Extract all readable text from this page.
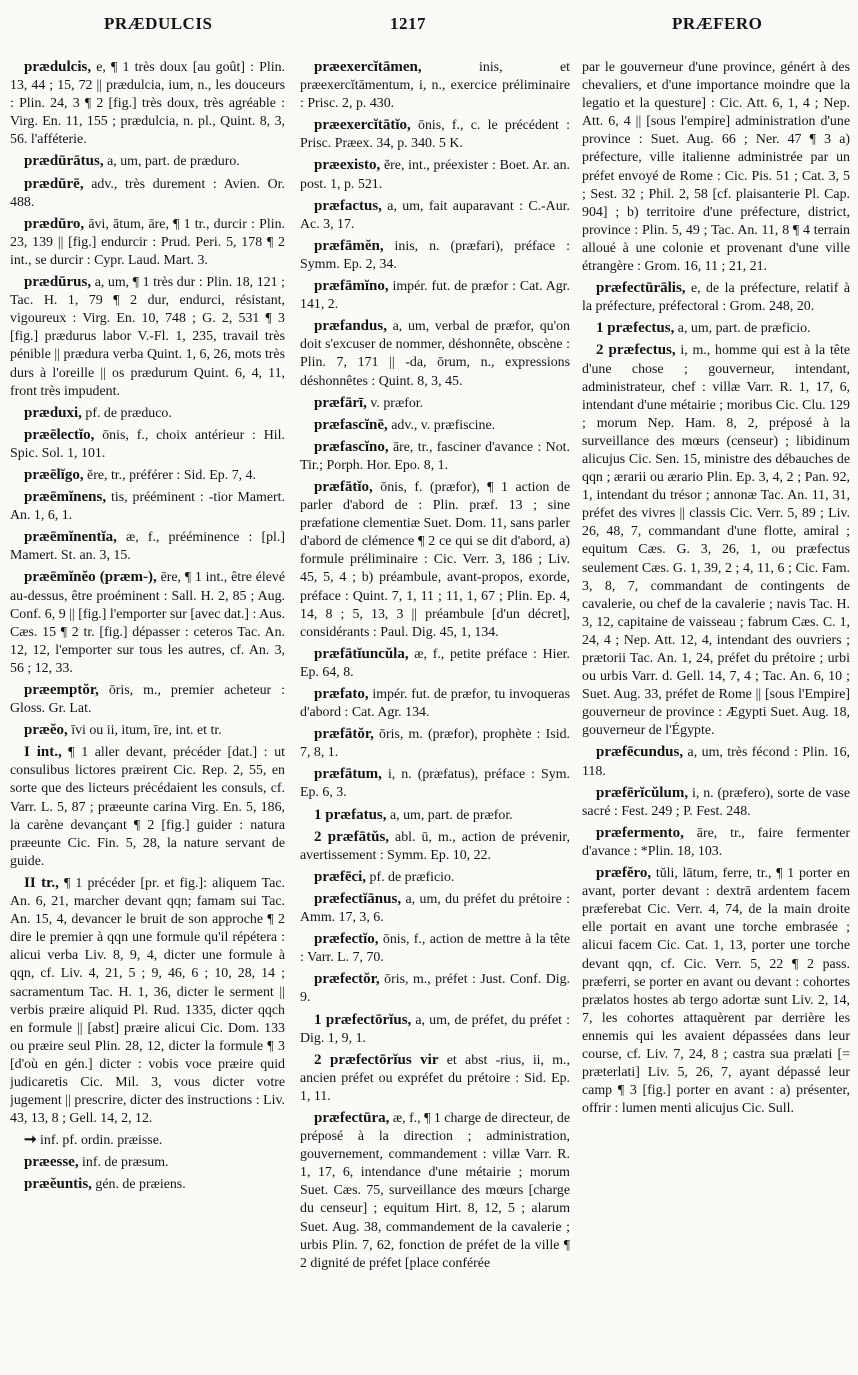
PRÆDULCIS	1217	PRÆFERO

prædulcis, e, ¶ 1 très doux [au goût] : Plin. 13, 44 ; 15, 72 || prædulcia, ium, n., les douceurs : Plin. 24, 3 ¶ 2 [fig.] très doux, très agréable : Virg. En. 11, 155 ; prædulcia, n. pl., Quint. 8, 3, 56. l'afféterie.

prædūrātus, a, um, part. de præduro.

prædūrē, adv., très durement : Avien. Or. 488.

prædūro, āvi, ātum, āre, ¶ 1 tr., durcir : Plin. 23, 139 || [fig.] endurcir : Prud. Peri. 5, 178 ¶ 2 int., se durcir : Cypr. Laud. Mart. 3.

prædūrus, a, um, ¶ 1 très dur : Plin. 18, 121 ; Tac. H. 1, 79 ¶ 2 dur, endurci, résistant, vigoureux : Virg. En. 10, 748 ; G. 2, 531 ¶ 3 [fig.] prædurus labor V.-Fl. 1, 235, travail très pénible || prædura verba Quint. 1, 6, 26, mots très durs à l'oreille || os prædurum Quint. 6, 4, 11, front très impudent.

præduxi, pf. de præduco.

præēlectĭo, ōnis, f., choix antérieur : Hil. Spic. Sol. 1, 101.

præēlĭgo, ĕre, tr., préférer : Sid. Ep. 7, 4.

præēmĭnens, tis, prééminent : -tior Mamert. An. 1, 6, 1.

præēmĭnentĭa, æ, f., prééminence : [pl.] Mamert. St. an. 3, 15.

præēmĭnĕo (præm-), ēre, ¶ 1 int., être élevé au-dessus, être proéminent : Sall. H. 2, 85 ; Aug. Conf. 6, 9 || [fig.] l'emporter sur [avec dat.] : Aus. Cæs. 15 ¶ 2 tr. [fig.] dépasser : ceteros Tac. An. 12, 12, l'emporter sur tous les autres, cf. An. 3, 56 ; 12, 33.

præemptŏr, ōris, m., premier acheteur : Gloss. Gr. Lat.

præĕo, īvi ou ii, itum, īre, int. et tr.

I int., ¶ 1 aller devant, précéder [dat.] : ut consulibus lictores præirent Cic. Rep. 2, 55, en sorte que des licteurs précédaient les consuls, cf. Varr. L. 5, 87 ; præeunte carina Virg. En. 5, 186, la carène devançant ¶ 2 [fig.] guider : natura præeunte Cic. Fin. 5, 28, la nature servant de guide.

II tr., ¶ 1 précéder [pr. et fig.]: aliquem Tac. An. 6, 21, marcher devant qqn; famam sui Tac. An. 15, 4, devancer le bruit de son approche ¶ 2 dire le premier à qqn une formule qu'il répétera : alicui verba Liv. 8, 9, 4, dicter une formule à qqn, cf. Liv. 4, 21, 5 ; 9, 46, 6 ; 10, 28, 14 ; sacramentum Tac. H. 1, 36, dicter le serment || verbis præire aliquid Pl. Rud. 1335, dicter qqch en formule || [abst] præire alicui Cic. Dom. 133 ou præire seul Plin. 28, 12, dicter la formule ¶ 3 [d'où en gén.] dicter : vobis voce præire quid judicaretis Cic. Mil. 3, vous dicter votre jugement || prescrire, dicter des instructions : Liv. 43, 13, 8 ; Gell. 14, 2, 12.

➞ inf. pf. ordin. præisse.

præesse, inf. de præsum.

præĕuntis, gén. de præiens.

præexercĭtāmen, inis, et præexercĭtāmentum, i, n., exercice préliminaire : Prisc. 2, p. 430.

præexercĭtātĭo, ōnis, f., c. le précédent : Prisc. Præex. 34, p. 340. 5 K.

præexisto, ĕre, int., préexister : Boet. Ar. an. post. 1, p. 521.

præfactus, a, um, fait auparavant : C.-Aur. Ac. 3, 17.

præfāmĕn, inis, n. (præfari), préface : Symm. Ep. 2, 34.

præfāmĭno, impér. fut. de præfor : Cat. Agr. 141, 2.

præfandus, a, um, verbal de præfor, qu'on doit s'excuser de nommer, déshonnête, obscène : Plin. 7, 171 || -da, ōrum, n., expressions déshonnêtes : Quint. 8, 3, 45.

præfārī, v. præfor.

præfascĭnē, adv., v. præfiscine.

præfascĭno, āre, tr., fasciner d'avance : Not. Tir.; Porph. Hor. Epo. 8, 1.

præfātĭo, ōnis, f. (præfor), ¶ 1 action de parler d'abord de : Plin. præf. 13 ; sine præfatione clementiæ Suet. Dom. 11, sans parler d'abord de clémence ¶ 2 ce qui se dit d'abord, a) formule préliminaire : Cic. Verr. 3, 186 ; Liv. 45, 5, 4 ; b) préambule, avant-propos, exorde, préface : Quint. 7, 1, 11 ; 11, 1, 67 ; Plin. Ep. 4, 14, 8 ; 5, 13, 3 || préambule [d'un décret], considérants : Paul. Dig. 45, 1, 134.

præfātĭuncŭla, æ, f., petite préface : Hier. Ep. 64, 8.

præfato, impér. fut. de præfor, tu invoqueras d'abord : Cat. Agr. 134.

præfātŏr, ōris, m. (præfor), prophète : Isid. 7, 8, 1.

præfātum, i, n. (præfatus), préface : Sym. Ep. 6, 3.

1 præfatus, a, um, part. de præfor.

2 præfātŭs, abl. ū, m., action de prévenir, avertissement : Symm. Ep. 10, 22.

præfēci, pf. de præficio.

præfectĭānus, a, um, du préfet du prétoire : Amm. 17, 3, 6.

præfectĭo, ōnis, f., action de mettre à la tête : Varr. L. 7, 70.

præfectŏr, ōris, m., préfet : Just. Conf. Dig. 9.

1 præfectōrĭus, a, um, de préfet, du préfet : Dig. 1, 9, 1.

2 præfectōrĭus vir et abst -rius, ii, m., ancien préfet ou expréfet du prétoire : Sid. Ep. 1, 11.

præfectūra, æ, f., ¶ 1 charge de directeur, de préposé à la direction ; administration, gouvernement, commandement : villæ Varr. R. 1, 17, 6, intendance d'une métairie ; morum Suet. Cæs. 75, surveillance des mœurs [charge du censeur] ; equitum Hirt. 8, 12, 5 ; alarum Suet. Aug. 38, commandement de la cavalerie ; urbis Plin. 7, 62, fonction de préfet de la ville ¶ 2 dignité de préfet [place conférée

par le gouverneur d'une province, génért à des chevaliers, et d'une importance moindre que la legatio et la questure] : Cic. Att. 6, 1, 4 ; Nep. Att. 6, 4 || [sous l'empire] administration d'une province : Suet. Aug. 66 ; Ner. 47 ¶ 3 a) préfecture, ville italienne administrée par un préfet envoyé de Rome : Cic. Pis. 51 ; Cat. 3, 5 ; Sest. 32 ; Phil. 2, 58 [cf. plaisanterie Pl. Cap. 904] ; b) territoire d'une préfecture, district, province : Plin. 5, 49 ; Tac. An. 11, 8 ¶ 4 terrain alloué à une colonie et provenant d'une ville étrangère : Grom. 16, 11 ; 21, 21.

præfectūrālis, e, de la préfecture, relatif à la préfecture, préfectoral : Grom. 248, 20.

1 præfectus, a, um, part. de præficio.

2 præfectus, i, m., homme qui est à la tête d'une chose ; gouverneur, intendant, administrateur, chef : villæ Varr. R. 1, 17, 6, intendant d'une métairie ; moribus Cic. Clu. 129 ; morum Nep. Ham. 8, 2, préposé à la surveillance des mœurs (censeur) ; libidinum alicujus Cic. Sen. 15, ministre des débauches de qqn ; ærarii ou ærario Plin. Ep. 3, 4, 2 ; Pan. 92, 1, intendant du trésor ; annonæ Tac. An. 11, 31, préfet des vivres || classis Cic. Verr. 5, 89 ; Liv. 26, 48, 7, commandant d'une flotte, amiral ; equitum Cæs. G. 3, 26, 1, ou præfectus seulement Cæs. G. 1, 39, 2 ; 4, 11, 6 ; Cic. Fam. 3, 8, 7, commandant de contingents de cavalerie, ou chef de la cavalerie ; navis Tac. H. 3, 12, capitaine de vaisseau ; fabrum Cæs. C. 1, 24, 4 ; Nep. Att. 12, 4, intendant des ouvriers ; prætorii Tac. An. 1, 24, préfet du prétoire ; urbi ou urbis Varr. d. Gell. 14, 7, 4 ; Tac. An. 6, 10 ; Suet. Aug. 33, préfet de Rome || [sous l'Empire] gouverneur de province : Ægypti Suet. Aug. 18, gouverneur de l'Égypte.

præfēcundus, a, um, très fécond : Plin. 16, 118.

præfērĭcŭlum, i, n. (præfero), sorte de vase sacré : Fest. 249 ; P. Fest. 248.

præfermento, āre, tr., faire fermenter d'avance : *Plin. 18, 103.

præfĕro, tŭli, lātum, ferre, tr., ¶ 1 porter en avant, porter devant : dextrā ardentem facem præferebat Cic. Verr. 4, 74, de la main droite elle portait en avant une torche embrasée ; alicui facem Cic. Cat. 1, 13, porter une torche devant qqn, cf. Cic. Verr. 5, 22 ¶ 2 pass. præferri, se porter en avant ou devant : cohortes prælatos hostes ab tergo adortæ sunt Liv. 2, 14, 7, les cohortes attaquèrent par derrière les ennemis qui les avaient dépassées dans leur course, cf. Liv. 7, 24, 8 ; castra sua prælati [= præterlati] Liv. 5, 26, 7, ayant dépassé leur camp ¶ 3 [fig.] porter en avant : a) présenter, offrir : lumen menti alicujus Cic. Sull.
